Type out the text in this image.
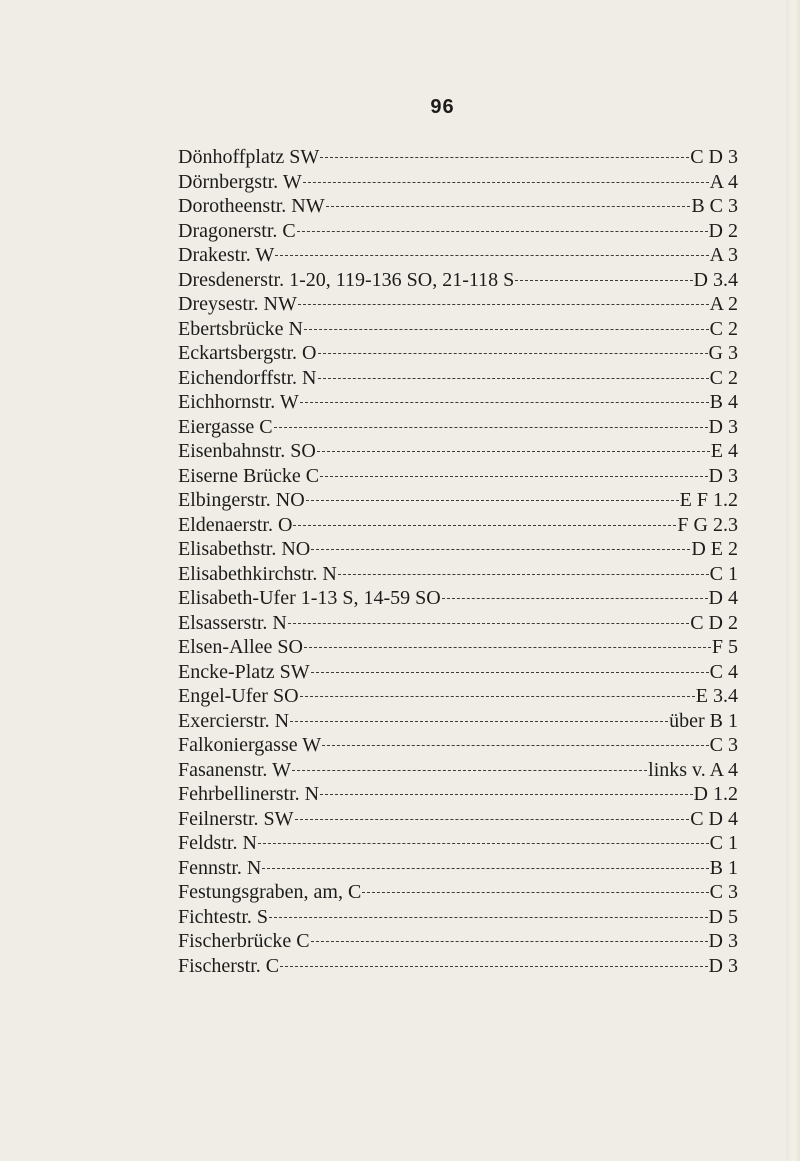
96
Dönhoffplatz SW	C D 3
Dörnbergstr. W	A 4
Dorotheenstr. NW	B C 3
Dragonerstr. C	D 2
Drakestr. W	A 3
Dresdenerstr. 1-20, 119-136 SO, 21-118 S	D 3.4
Dreysestr. NW	A 2
Ebertsbrücke N	C 2
Eckartsbergstr. O	G 3
Eichendorffstr. N	C 2
Eichhornstr. W	B 4
Eiergasse C	D 3
Eisenbahnstr. SO	E 4
Eiserne Brücke C	D 3
Elbingerstr. NO	E F 1.2
Eldenaerstr. O	F G 2.3
Elisabethstr. NO	D E 2
Elisabethkirchstr. N	C 1
Elisabeth-Ufer 1-13 S, 14-59 SO	D 4
Elsasserstr. N	C D 2
Elsen-Allee SO	F 5
Encke-Platz SW	C 4
Engel-Ufer SO	E 3.4
Exercierstr. N	über B 1
Falkoniergasse W	C 3
Fasanenstr. W	links v. A 4
Fehrbellinerstr. N	D 1.2
Feilnerstr. SW	C D 4
Feldstr. N	C 1
Fennstr. N	B 1
Festungsgraben, am, C	C 3
Fichtestr. S	D 5
Fischerbrücke C	D 3
Fischerstr. C	D 3
